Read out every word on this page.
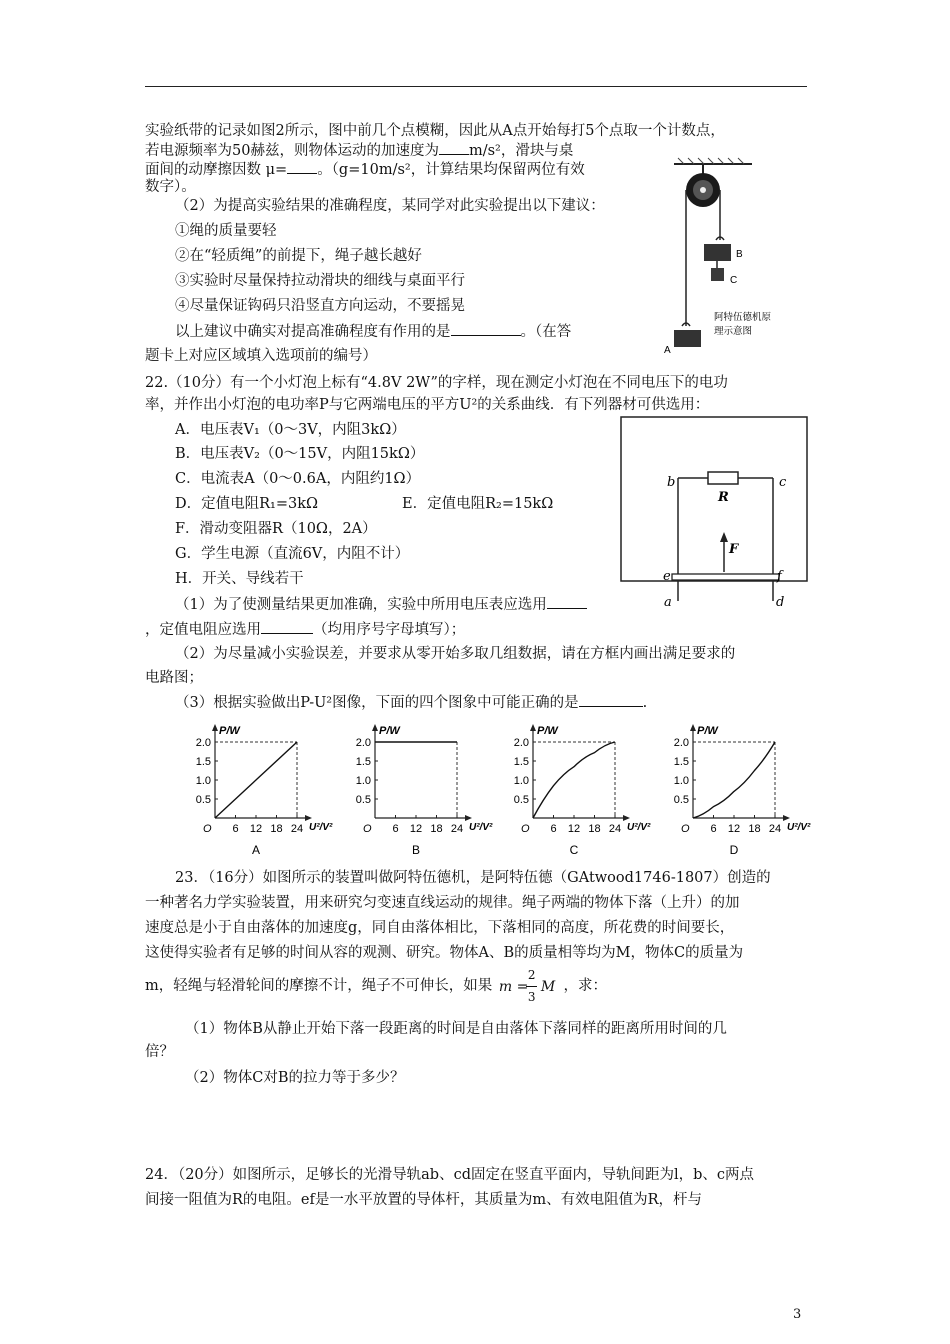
实验纸带的记录如图2所示，图中前几个点模糊，因此从A点开始每打5个点取一个计数点，
若电源频率为50赫兹，则物体运动的加速度为 m/s²，滑块与桌
面间的动摩擦因数 μ= 。（g=10m/s²，计算结果均保留两位有效
数字）。
（2）为提高实验结果的准确程度，某同学对此实验提出以下建议：
①绳的质量要轻
②在“轻质绳”的前提下，绳子越长越好
③实验时尽量保持拉动滑块的细线与桌面平行
④尽量保证钩码只沿竖直方向运动，不要摇晃
以上建议中确实对提高准确程度有作用的是	。（在答
题卡上对应区域填入选项前的编号）
B
C
A
阿特伍德机原
理示意图
22.（10分）有一个小灯泡上标有“4.8V 2W”的字样，现在测定小灯泡在不同电压下的电功
率，并作出小灯泡的电功率P与它两端电压的平方U²的关系曲线．有下列器材可供选用：
A．电压表V₁（0～3V，内阻3kΩ）
B．电压表V₂（0～15V，内阻15kΩ）
C．电流表A（0～0.6A，内阻约1Ω）
D．定值电阻R₁=3kΩ	E．定值电阻R₂=15kΩ
F．滑动变阻器R（10Ω，2A）
G．学生电源（直流6V，内阻不计）
H．开关、导线若干
（1）为了使测量结果更加准确，实验中所用电压表应选用
，定值电阻应选用	（均用序号字母填写）；
（2）为尽量减小实验误差，并要求从零开始多取几组数据，请在方框内画出满足要求的
电路图；
（3）根据实验做出P-U²图像，下面的四个图象中可能正确的是	.
b	c
R
F
e	f
a	d
2.0
1.5
1.0
0.5
6 12 18 24
P/W
U²/V²
O
A
2.0
1.5
1.0
0.5
6 12 18 24
P/W
U²/V²
O
B
2.0
1.5
1.0
0.5
6 12 18 24
P/W
U²/V²
O
C
2.0
1.5
1.0
0.5
6 12 18 24
P/W
U²/V²
O
D
23．（16分）如图所示的装置叫做阿特伍德机，是阿特伍德（GAtwood1746-1807）创造的
一种著名力学实验装置，用来研究匀变速直线运动的规律。绳子两端的物体下落（上升）的加
速度总是小于自由落体的加速度g，同自由落体相比，下落相同的高度，所花费的时间要长，
这使得实验者有足够的时间从容的观测、研究。物体A、B的质量相等均为M，物体C的质量为
m，轻绳与轻滑轮间的摩擦不计，绳子不可伸长，如果 m =
2
3
M ，求：
（1）物体B从静止开始下落一段距离的时间是自由落体下落同样的距离所用时间的几
倍？
（2）物体C对B的拉力等于多少？
24．（20分）如图所示，足够长的光滑导轨ab、cd固定在竖直平面内，导轨间距为l，b、c两点
间接一阻值为R的电阻。ef是一水平放置的导体杆，其质量为m、有效电阻值为R，杆与
3
